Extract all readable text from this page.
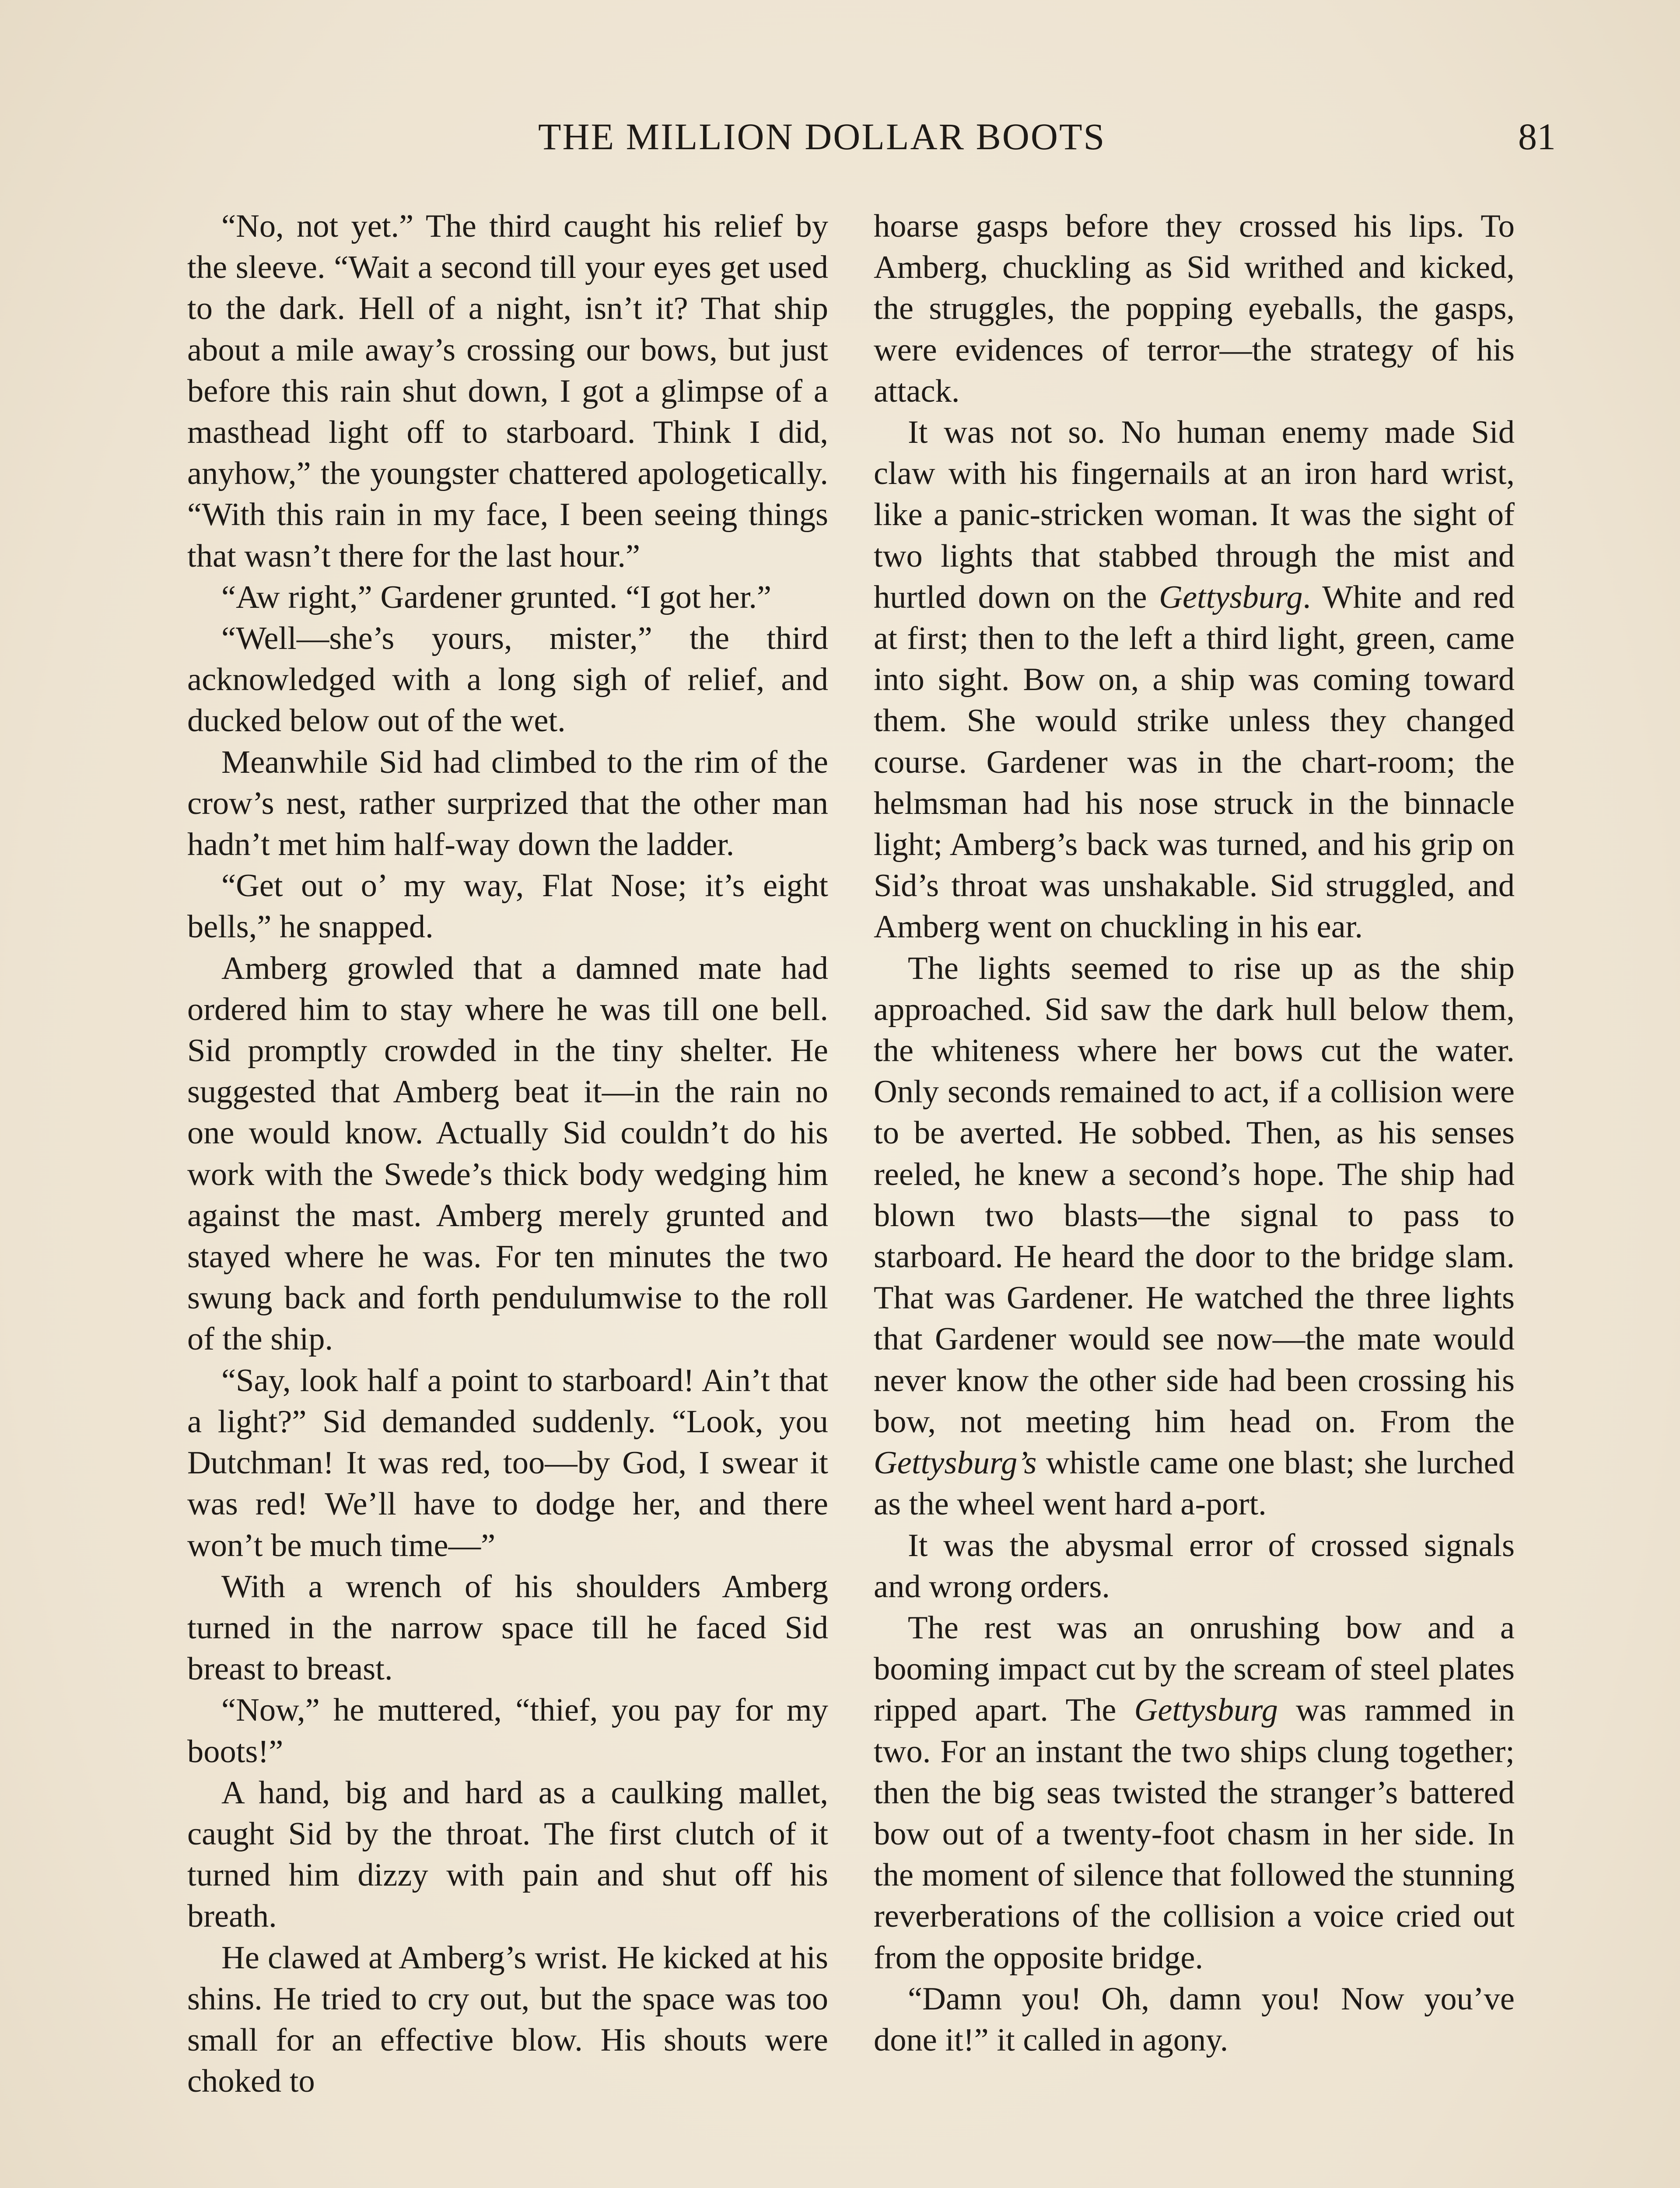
THE MILLION DOLLAR BOOTS	81

“No, not yet.” The third caught his relief by the sleeve. “Wait a second till your eyes get used to the dark. Hell of a night, isn’t it? That ship about a mile away’s crossing our bows, but just before this rain shut down, I got a glimpse of a masthead light off to starboard. Think I did, anyhow,” the youngster chattered apologetically. “With this rain in my face, I been seeing things that wasn’t there for the last hour.”

“Aw right,” Gardener grunted. “I got her.”

“Well—she’s yours, mister,” the third acknowledged with a long sigh of relief, and ducked below out of the wet.

Meanwhile Sid had climbed to the rim of the crow’s nest, rather surprized that the other man hadn’t met him half-way down the ladder.

“Get out o’ my way, Flat Nose; it’s eight bells,” he snapped.

Amberg growled that a damned mate had ordered him to stay where he was till one bell. Sid promptly crowded in the tiny shelter. He suggested that Amberg beat it—in the rain no one would know. Actually Sid couldn’t do his work with the Swede’s thick body wedging him against the mast. Amberg merely grunted and stayed where he was. For ten minutes the two swung back and forth pendulumwise to the roll of the ship.

“Say, look half a point to starboard! Ain’t that a light?” Sid demanded suddenly. “Look, you Dutchman! It was red, too—by God, I swear it was red! We’ll have to dodge her, and there won’t be much time—”

With a wrench of his shoulders Amberg turned in the narrow space till he faced Sid breast to breast.

“Now,” he muttered, “thief, you pay for my boots!”

A hand, big and hard as a caulking mallet, caught Sid by the throat. The first clutch of it turned him dizzy with pain and shut off his breath.

He clawed at Amberg’s wrist. He kicked at his shins. He tried to cry out, but the space was too small for an effective blow. His shouts were choked to

hoarse gasps before they crossed his lips. To Amberg, chuckling as Sid writhed and kicked, the struggles, the popping eyeballs, the gasps, were evidences of terror—the strategy of his attack.

It was not so. No human enemy made Sid claw with his fingernails at an iron hard wrist, like a panic-stricken woman. It was the sight of two lights that stabbed through the mist and hurtled down on the Gettysburg. White and red at first; then to the left a third light, green, came into sight. Bow on, a ship was coming toward them. She would strike unless they changed course. Gardener was in the chart-room; the helmsman had his nose struck in the binnacle light; Amberg’s back was turned, and his grip on Sid’s throat was unshakable. Sid struggled, and Amberg went on chuckling in his ear.

The lights seemed to rise up as the ship approached. Sid saw the dark hull below them, the whiteness where her bows cut the water. Only seconds remained to act, if a collision were to be averted. He sobbed. Then, as his senses reeled, he knew a second’s hope. The ship had blown two blasts—the signal to pass to starboard. He heard the door to the bridge slam. That was Gardener. He watched the three lights that Gardener would see now—the mate would never know the other side had been crossing his bow, not meeting him head on. From the Gettysburg’s whistle came one blast; she lurched as the wheel went hard a-port.

It was the abysmal error of crossed signals and wrong orders.

The rest was an onrushing bow and a booming impact cut by the scream of steel plates ripped apart. The Gettysburg was rammed in two. For an instant the two ships clung together; then the big seas twisted the stranger’s battered bow out of a twenty-foot chasm in her side. In the moment of silence that followed the stunning reverberations of the collision a voice cried out from the opposite bridge.

“Damn you! Oh, damn you! Now you’ve done it!” it called in agony.
